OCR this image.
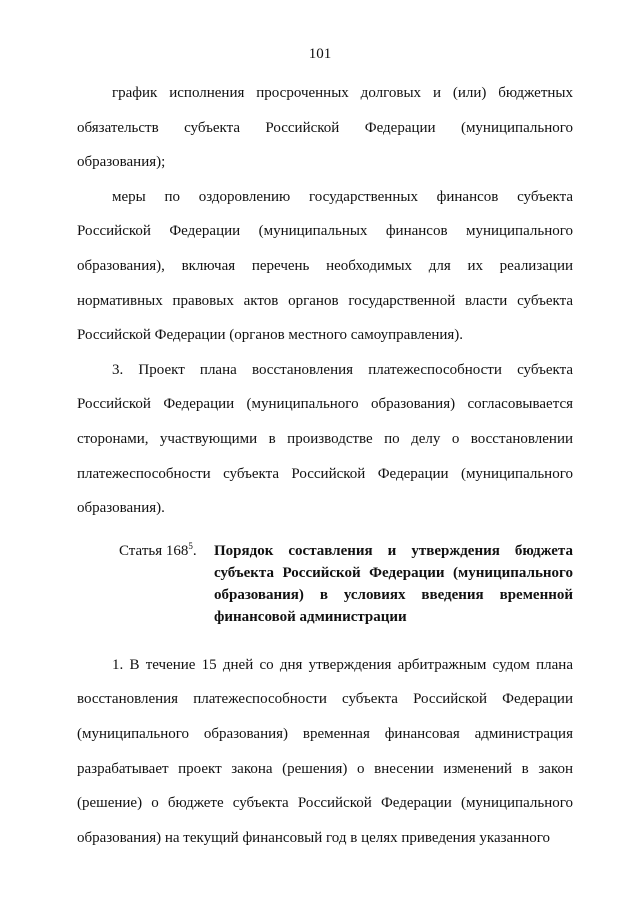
101

график исполнения просроченных долговых и (или) бюджетных обязательств субъекта Российской Федерации (муниципального образования);

меры по оздоровлению государственных финансов субъекта Российской Федерации (муниципальных финансов муниципального образования), включая перечень необходимых для их реализации нормативных правовых актов органов государственной власти субъекта Российской Федерации (органов местного самоуправления).

3. Проект плана восстановления платежеспособности субъекта Российской Федерации (муниципального образования) согласовывается сторонами, участвующими в производстве по делу о восстановлении платежеспособности субъекта Российской Федерации (муниципального образования).

Статья $168^5$.	Порядок составления и утверждения бюджета субъекта Российской Федерации (муниципального образования) в условиях введения временной финансовой администрации

1. В течение 15 дней со дня утверждения арбитражным судом плана восстановления платежеспособности субъекта Российской Федерации (муниципального образования) временная финансовая администрация разрабатывает проект закона (решения) о внесении изменений в закон (решение) о бюджете субъекта Российской Федерации (муниципального образования) на текущий финансовый год в целях приведения указанного
